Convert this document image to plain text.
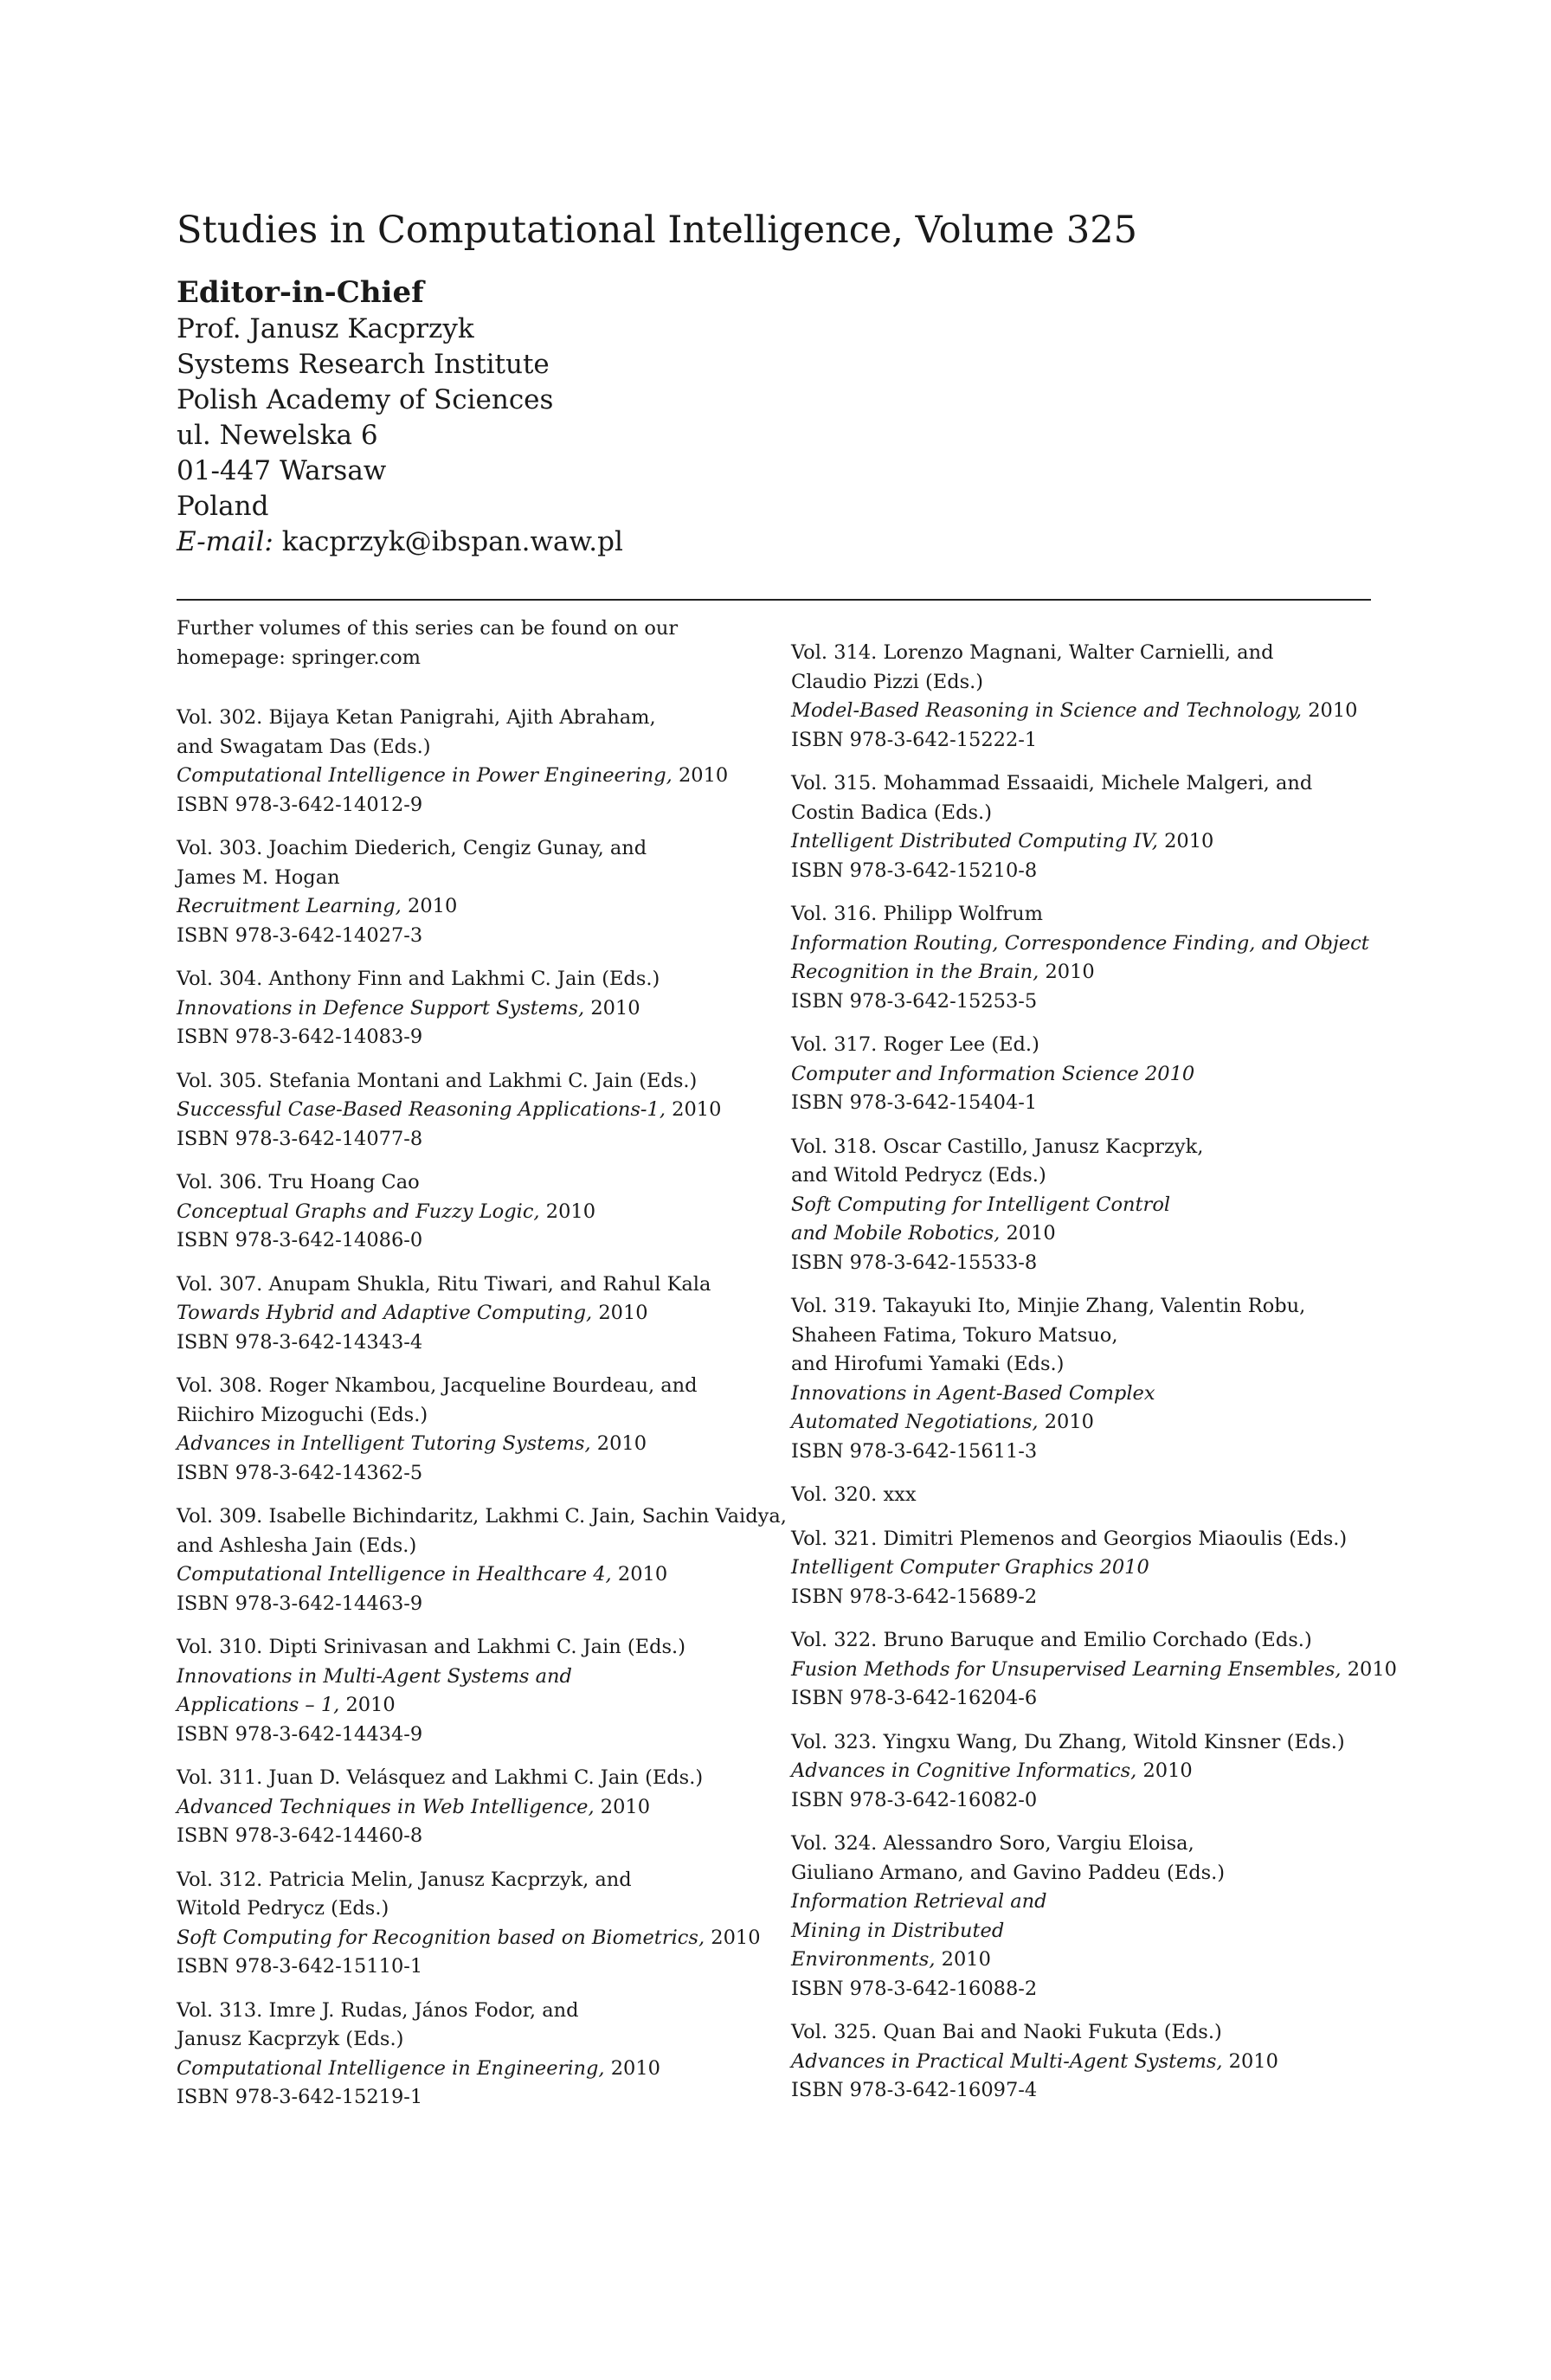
Studies in Computational Intelligence, Volume 325
Editor-in-Chief
Prof. Janusz Kacprzyk
Systems Research Institute
Polish Academy of Sciences
ul. Newelska 6
01-447 Warsaw
Poland
E-mail: kacprzyk@ibspan.waw.pl
Further volumes of this series can be found on our
homepage: springer.com
Vol. 302. Bijaya Ketan Panigrahi, Ajith Abraham,
and Swagatam Das (Eds.)
Computational Intelligence in Power Engineering, 2010
ISBN 978-3-642-14012-9
Vol. 303. Joachim Diederich, Cengiz Gunay, and
James M. Hogan
Recruitment Learning, 2010
ISBN 978-3-642-14027-3
Vol. 304. Anthony Finn and Lakhmi C. Jain (Eds.)
Innovations in Defence Support Systems, 2010
ISBN 978-3-642-14083-9
Vol. 305. Stefania Montani and Lakhmi C. Jain (Eds.)
Successful Case-Based Reasoning Applications-1, 2010
ISBN 978-3-642-14077-8
Vol. 306. Tru Hoang Cao
Conceptual Graphs and Fuzzy Logic, 2010
ISBN 978-3-642-14086-0
Vol. 307. Anupam Shukla, Ritu Tiwari, and Rahul Kala
Towards Hybrid and Adaptive Computing, 2010
ISBN 978-3-642-14343-4
Vol. 308. Roger Nkambou, Jacqueline Bourdeau, and
Riichiro Mizoguchi (Eds.)
Advances in Intelligent Tutoring Systems, 2010
ISBN 978-3-642-14362-5
Vol. 309. Isabelle Bichindaritz, Lakhmi C. Jain, Sachin Vaidya,
and Ashlesha Jain (Eds.)
Computational Intelligence in Healthcare 4, 2010
ISBN 978-3-642-14463-9
Vol. 310. Dipti Srinivasan and Lakhmi C. Jain (Eds.)
Innovations in Multi-Agent Systems and
Applications – 1, 2010
ISBN 978-3-642-14434-9
Vol. 311. Juan D. Velásquez and Lakhmi C. Jain (Eds.)
Advanced Techniques in Web Intelligence, 2010
ISBN 978-3-642-14460-8
Vol. 312. Patricia Melin, Janusz Kacprzyk, and
Witold Pedrycz (Eds.)
Soft Computing for Recognition based on Biometrics, 2010
ISBN 978-3-642-15110-1
Vol. 313. Imre J. Rudas, János Fodor, and
Janusz Kacprzyk (Eds.)
Computational Intelligence in Engineering, 2010
ISBN 978-3-642-15219-1
Vol. 314. Lorenzo Magnani, Walter Carnielli, and
Claudio Pizzi (Eds.)
Model-Based Reasoning in Science and Technology, 2010
ISBN 978-3-642-15222-1
Vol. 315. Mohammad Essaaidi, Michele Malgeri, and
Costin Badica (Eds.)
Intelligent Distributed Computing IV, 2010
ISBN 978-3-642-15210-8
Vol. 316. Philipp Wolfrum
Information Routing, Correspondence Finding, and Object
Recognition in the Brain, 2010
ISBN 978-3-642-15253-5
Vol. 317. Roger Lee (Ed.)
Computer and Information Science 2010
ISBN 978-3-642-15404-1
Vol. 318. Oscar Castillo, Janusz Kacprzyk,
and Witold Pedrycz (Eds.)
Soft Computing for Intelligent Control
and Mobile Robotics, 2010
ISBN 978-3-642-15533-8
Vol. 319. Takayuki Ito, Minjie Zhang, Valentin Robu,
Shaheen Fatima, Tokuro Matsuo,
and Hirofumi Yamaki (Eds.)
Innovations in Agent-Based Complex
Automated Negotiations, 2010
ISBN 978-3-642-15611-3
Vol. 320. xxx
Vol. 321. Dimitri Plemenos and Georgios Miaoulis (Eds.)
Intelligent Computer Graphics 2010
ISBN 978-3-642-15689-2
Vol. 322. Bruno Baruque and Emilio Corchado (Eds.)
Fusion Methods for Unsupervised Learning Ensembles, 2010
ISBN 978-3-642-16204-6
Vol. 323. Yingxu Wang, Du Zhang, Witold Kinsner (Eds.)
Advances in Cognitive Informatics, 2010
ISBN 978-3-642-16082-0
Vol. 324. Alessandro Soro, Vargiu Eloisa,
Giuliano Armano, and Gavino Paddeu (Eds.)
Information Retrieval and
Mining in Distributed
Environments, 2010
ISBN 978-3-642-16088-2
Vol. 325. Quan Bai and Naoki Fukuta (Eds.)
Advances in Practical Multi-Agent Systems, 2010
ISBN 978-3-642-16097-4
